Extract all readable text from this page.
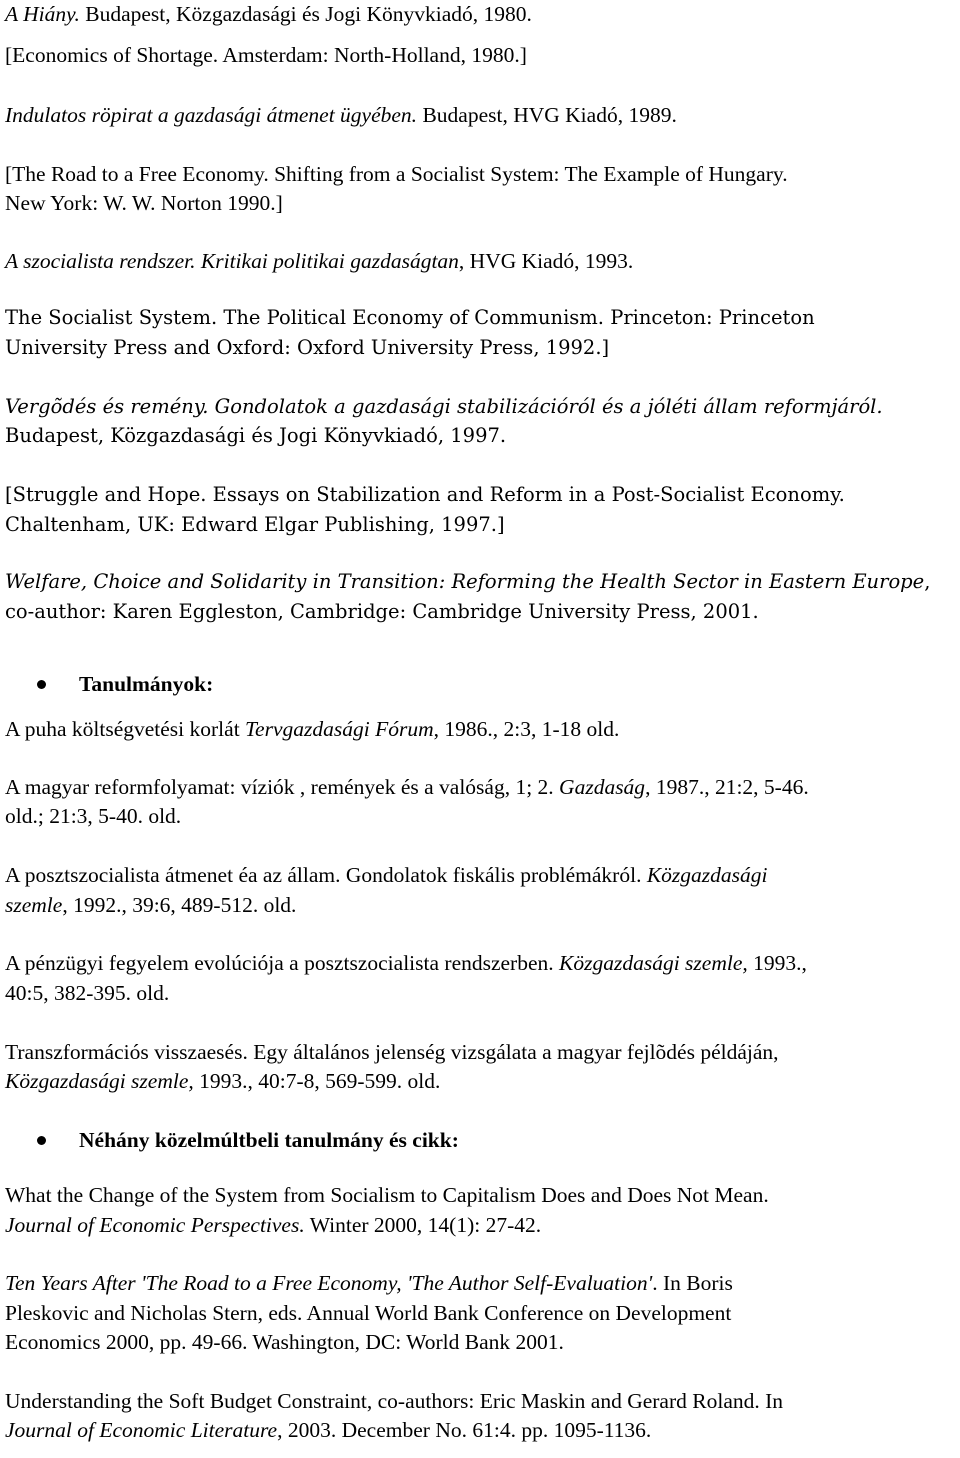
A Hiány. Budapest, Közgazdasági és Jogi Könyvkiadó, 1980.
[Economics of Shortage. Amsterdam: North-Holland, 1980.]
Indulatos röpirat a gazdasági átmenet ügyében. Budapest, HVG Kiadó, 1989.
[The Road to a Free Economy. Shifting from a Socialist System: The Example of Hungary.
New York: W. W. Norton 1990.]
A szocialista rendszer. Kritikai politikai gazdaságtan, HVG Kiadó, 1993.
The Socialist System. The Political Economy of Communism. Princeton: Princeton
University Press and Oxford: Oxford University Press, 1992.]
Vergõdés és remény. Gondolatok a gazdasági stabilizációról és a jóléti állam reformjáról.
Budapest, Közgazdasági és Jogi Könyvkiadó, 1997.
[Struggle and Hope. Essays on Stabilization and Reform in a Post-Socialist Economy.
Chaltenham, UK: Edward Elgar Publishing, 1997.]
Welfare, Choice and Solidarity in Transition: Reforming the Health Sector in Eastern Europe,
co-author: Karen Eggleston, Cambridge: Cambridge University Press, 2001.
Tanulmányok:
A puha költségvetési korlát Tervgazdasági Fórum, 1986., 2:3, 1-18 old.
A magyar reformfolyamat: víziók , remények és a valóság, 1; 2. Gazdaság, 1987., 21:2, 5-46.
old.; 21:3, 5-40. old.
A posztszocialista átmenet éa az állam. Gondolatok fiskális problémákról. Közgazdasági
szemle, 1992., 39:6, 489-512. old.
A pénzügyi fegyelem evolúciója a posztszocialista rendszerben. Közgazdasági szemle, 1993.,
40:5, 382-395. old.
Transzformációs visszaesés. Egy általános jelenség vizsgálata a magyar fejlõdés példáján,
Közgazdasági szemle, 1993., 40:7-8, 569-599. old.
Néhány közelmúltbeli tanulmány és cikk:
What the Change of the System from Socialism to Capitalism Does and Does Not Mean.
Journal of Economic Perspectives. Winter 2000, 14(1): 27-42.
Ten Years After 'The Road to a Free Economy, 'The Author Self-Evaluation'. In Boris
Pleskovic and Nicholas Stern, eds. Annual World Bank Conference on Development
Economics 2000, pp. 49-66. Washington, DC: World Bank 2001.
Understanding the Soft Budget Constraint, co-authors: Eric Maskin and Gerard Roland. In
Journal of Economic Literature, 2003. December No. 61:4. pp. 1095-1136.
